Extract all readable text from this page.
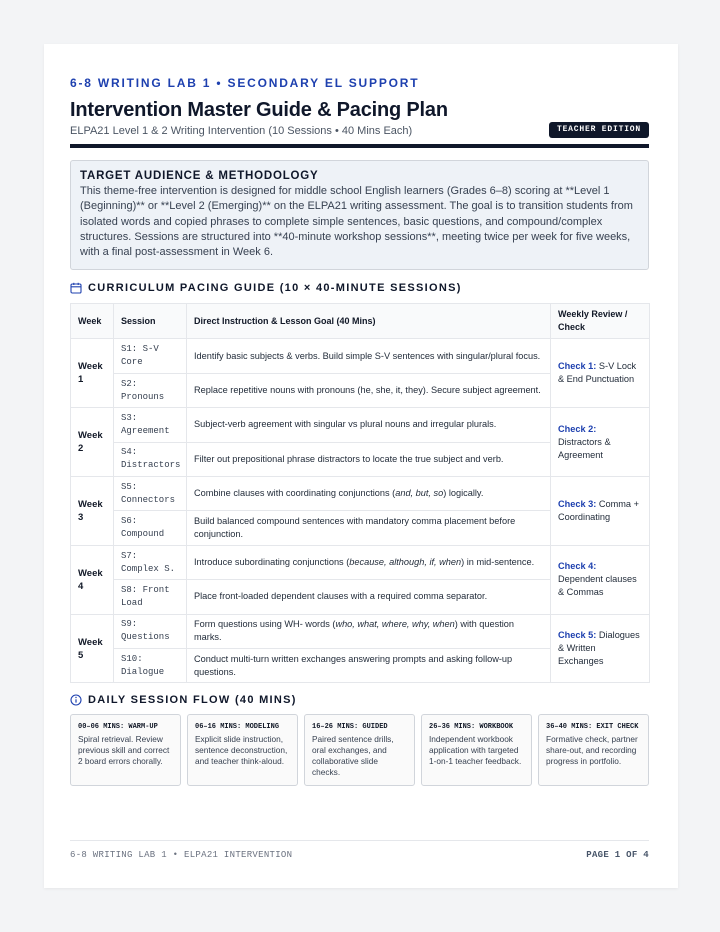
6-8 WRITING LAB 1 • SECONDARY EL SUPPORT
Intervention Master Guide & Pacing Plan
ELPA21 Level 1 & 2 Writing Intervention (10 Sessions • 40 Mins Each)	TEACHER EDITION
TARGET AUDIENCE & METHODOLOGY
This theme-free intervention is designed for middle school English learners (Grades 6–8) scoring at **Level 1 (Beginning)** or **Level 2 (Emerging)** on the ELPA21 writing assessment. The goal is to transition students from isolated words and copied phrases to complete simple sentences, basic questions, and compound/complex structures. Sessions are structured into **40-minute workshop sessions**, meeting twice per week for five weeks, with a final post-assessment in Week 6.
CURRICULUM PACING GUIDE (10 × 40-MINUTE SESSIONS)
Week	Session	Direct Instruction & Lesson Goal (40 Mins)	Weekly Review / Check
Week 1	S1: S-V Core	Identify basic subjects & verbs. Build simple S-V sentences with singular/plural focus.	Check 1: S-V Lock & End Punctuation
	S2: Pronouns	Replace repetitive nouns with pronouns (he, she, it, they). Secure subject agreement.	
Week 2	S3: Agreement	Subject-verb agreement with singular vs plural nouns and irregular plurals.	Check 2: Distractors & Agreement
	S4: Distractors	Filter out prepositional phrase distractors to locate the true subject and verb.	
Week 3	S5: Connectors	Combine clauses with coordinating conjunctions (and, but, so) logically.	Check 3: Comma + Coordinating
	S6: Compound	Build balanced compound sentences with mandatory comma placement before conjunction.	
Week 4	S7: Complex S.	Introduce subordinating conjunctions (because, although, if, when) in mid-sentence.	Check 4: Dependent clauses & Commas
	S8: Front Load	Place front-loaded dependent clauses with a required comma separator.	
Week 5	S9: Questions	Form questions using WH- words (who, what, where, why, when) with question marks.	Check 5: Dialogues & Written Exchanges
	S10: Dialogue	Conduct multi-turn written exchanges answering prompts and asking follow-up questions.	
DAILY SESSION FLOW (40 MINS)
00–06 MINS: WARM-UP
Spiral retrieval. Review previous skill and correct 2 board errors chorally.
06–16 MINS: MODELING
Explicit slide instruction, sentence deconstruction, and teacher think-aloud.
16–26 MINS: GUIDED
Paired sentence drills, oral exchanges, and collaborative slide checks.
26–36 MINS: WORKBOOK
Independent workbook application with targeted 1-on-1 teacher feedback.
36–40 MINS: EXIT CHECK
Formative check, partner share-out, and recording progress in portfolio.
6-8 WRITING LAB 1 • ELPA21 INTERVENTION	PAGE 1 OF 4
